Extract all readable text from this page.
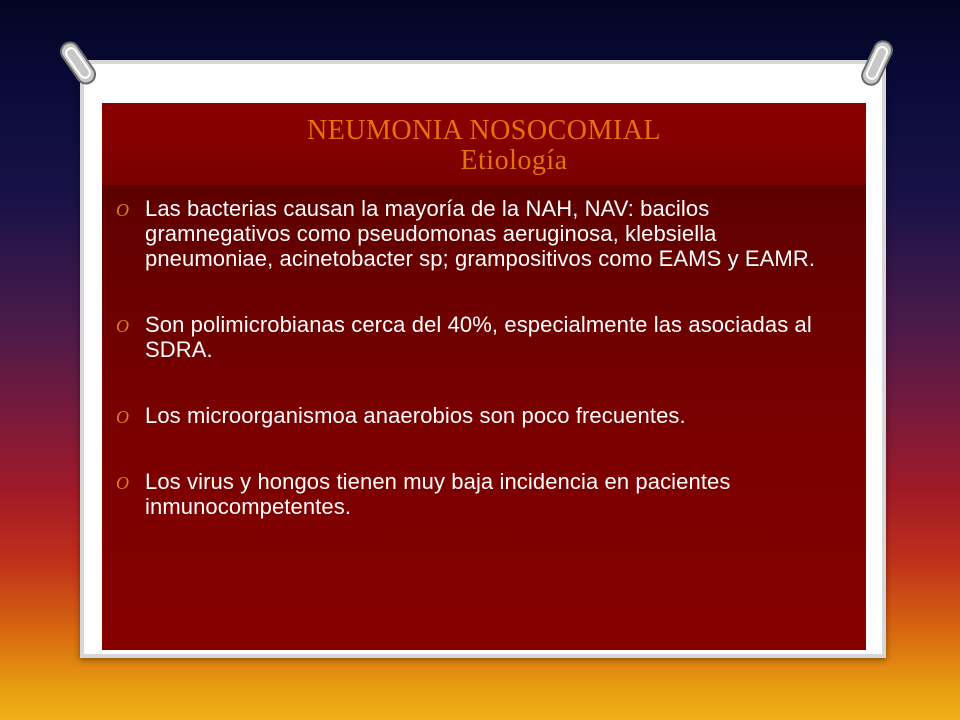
NEUMONIA NOSOCOMIAL

Etiología

O Las bacterias causan la mayoría de la NAH, NAV: bacilos gramnegativos como pseudomonas aeruginosa, klebsiella pneumoniae, acinetobacter sp; grampositivos como EAMS y EAMR.
O Son polimicrobianas cerca del 40%, especialmente las asociadas al SDRA.
O Los microorganismoa anaerobios son poco frecuentes.
O Los virus y hongos tienen muy baja incidencia en pacientes inmunocompetentes.
